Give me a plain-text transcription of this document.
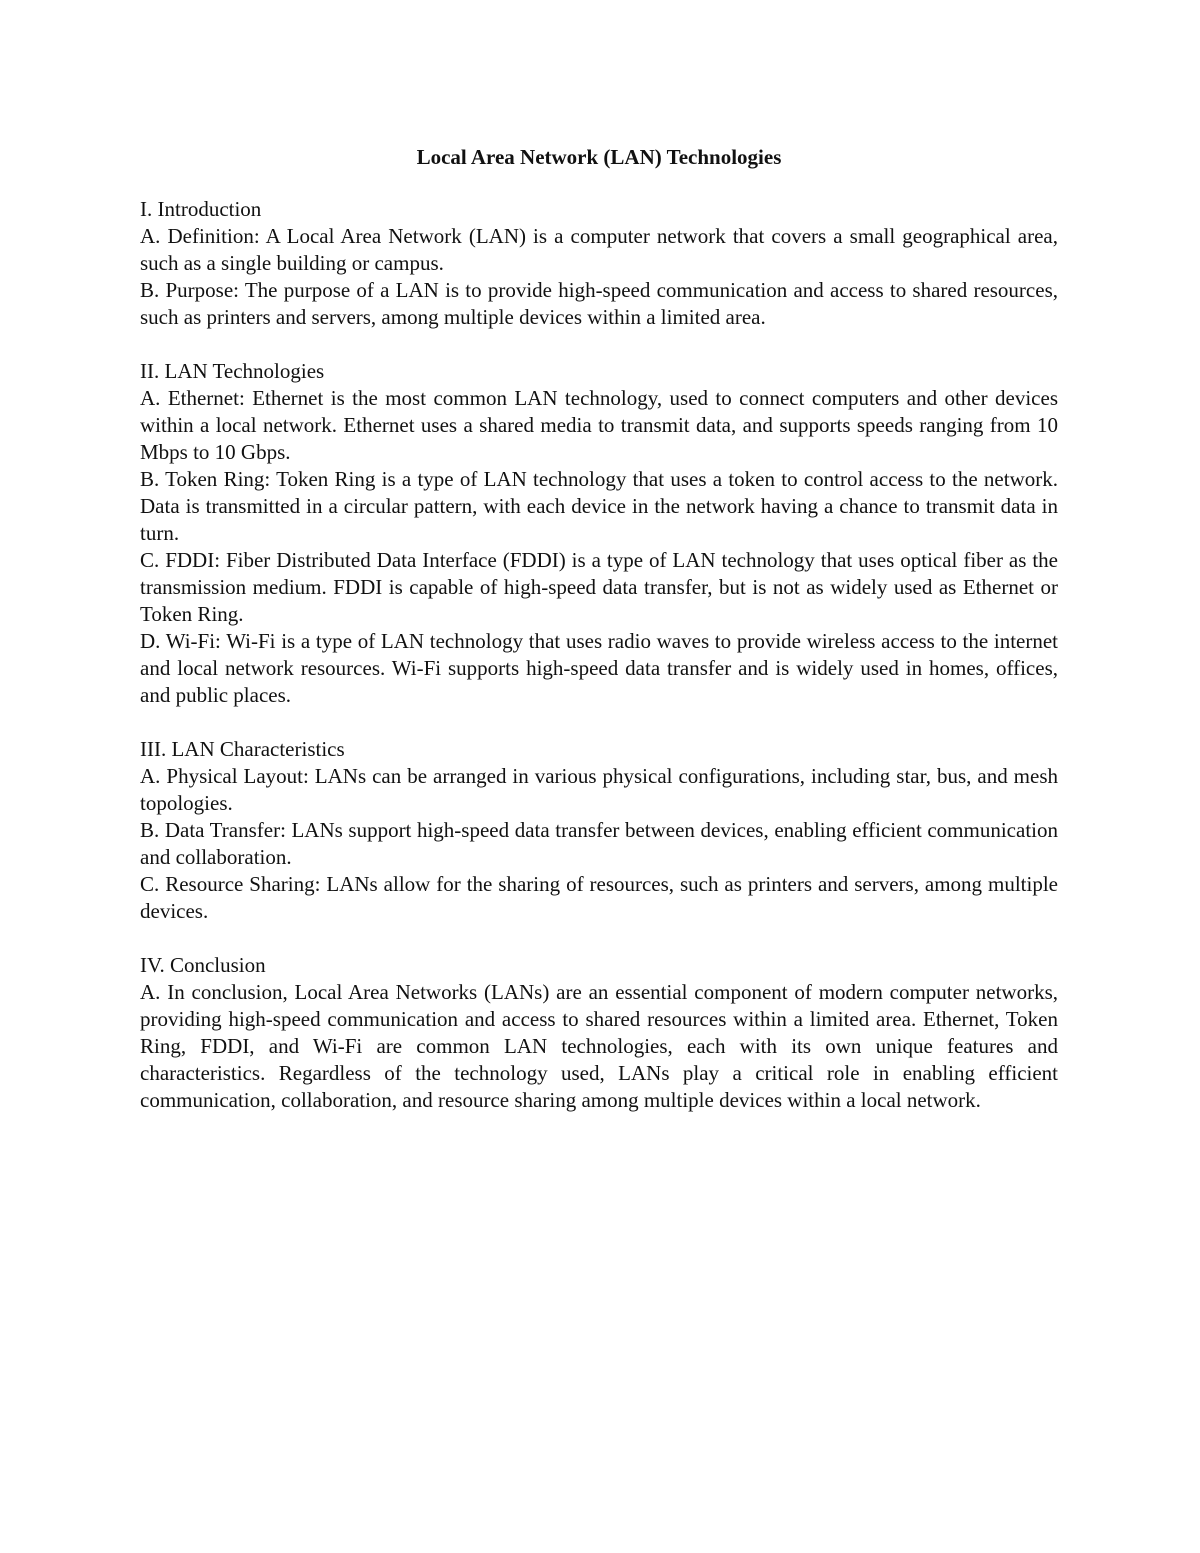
Local Area Network (LAN) Technologies

I. Introduction

A. Definition: A Local Area Network (LAN) is a computer network that covers a small geographical area, such as a single building or campus.

B. Purpose: The purpose of a LAN is to provide high-speed communication and access to shared resources, such as printers and servers, among multiple devices within a limited area.

II. LAN Technologies

A. Ethernet: Ethernet is the most common LAN technology, used to connect computers and other devices within a local network. Ethernet uses a shared media to transmit data, and supports speeds ranging from 10 Mbps to 10 Gbps.

B. Token Ring: Token Ring is a type of LAN technology that uses a token to control access to the network. Data is transmitted in a circular pattern, with each device in the network having a chance to transmit data in turn.

C. FDDI: Fiber Distributed Data Interface (FDDI) is a type of LAN technology that uses optical fiber as the transmission medium. FDDI is capable of high-speed data transfer, but is not as widely used as Ethernet or Token Ring.

D. Wi-Fi: Wi-Fi is a type of LAN technology that uses radio waves to provide wireless access to the internet and local network resources. Wi-Fi supports high-speed data transfer and is widely used in homes, offices, and public places.

III. LAN Characteristics

A. Physical Layout: LANs can be arranged in various physical configurations, including star, bus, and mesh topologies.

B. Data Transfer: LANs support high-speed data transfer between devices, enabling efficient communication and collaboration.

C. Resource Sharing: LANs allow for the sharing of resources, such as printers and servers, among multiple devices.

IV. Conclusion

A. In conclusion, Local Area Networks (LANs) are an essential component of modern computer networks, providing high-speed communication and access to shared resources within a limited area. Ethernet, Token Ring, FDDI, and Wi-Fi are common LAN technologies, each with its own unique features and characteristics. Regardless of the technology used, LANs play a critical role in enabling efficient communication, collaboration, and resource sharing among multiple devices within a local network.
